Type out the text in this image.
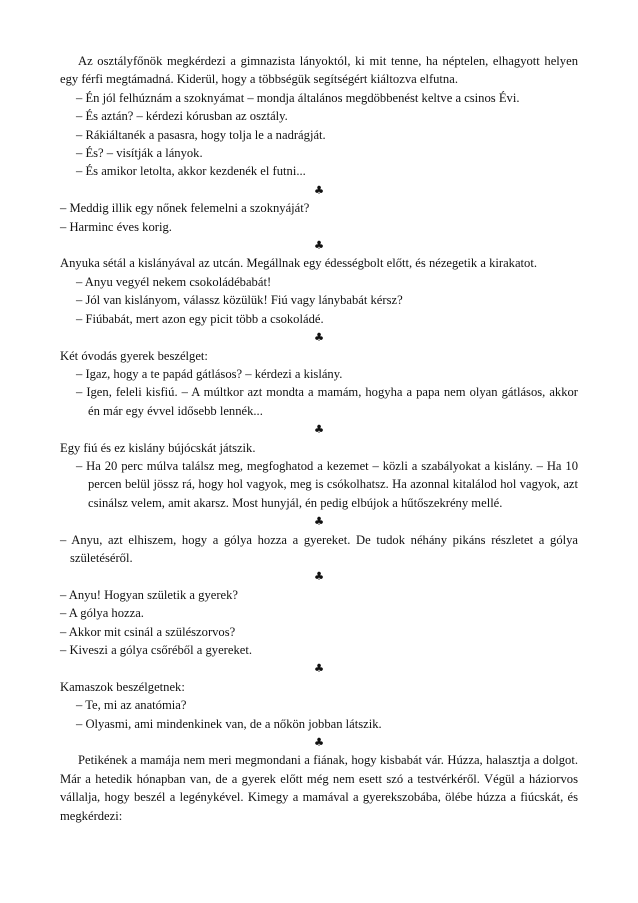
Az osztályfőnök megkérdezi a gimnazista lányoktól, ki mit tenne, ha néptelen, elhagyott helyen egy férfi megtámadná. Kiderül, hogy a többségük segítségért kiáltozva elfutna.

– Én jól felhúznám a szoknyámat – mondja általános megdöbbenést keltve a csinos Évi.

– És aztán? – kérdezi kórusban az osztály.

– Rákiáltanék a pasasra, hogy tolja le a nadrágját.

– És? – visítják a lányok.

– És amikor letolta, akkor kezdenék el futni...

♣

– Meddig illik egy nőnek felemelni a szoknyáját?

– Harminc éves korig.

♣

Anyuka sétál a kislányával az utcán. Megállnak egy édességbolt előtt, és nézegetik a kirakatot.

– Anyu vegyél nekem csokoládébabát!

– Jól van kislányom, válassz közülük! Fiú vagy lánybabát kérsz?

– Fiúbabát, mert azon egy picit több a csokoládé.

♣

Két óvodás gyerek beszélget:

– Igaz, hogy a te papád gátlásos? – kérdezi a kislány.

– Igen, feleli kisfiú. – A múltkor azt mondta a mamám, hogyha a papa nem olyan gátlásos, akkor én már egy évvel idősebb lennék...

♣

Egy fiú és ez kislány bújócskát játszik.

– Ha 20 perc múlva találsz meg, megfoghatod a kezemet – közli a szabályokat a kislány. – Ha 10 percen belül jössz rá, hogy hol vagyok, meg is csókolhatsz. Ha azonnal kitalálod hol vagyok, azt csinálsz velem, amit akarsz. Most hunyjál, én pedig elbújok a hűtőszekrény mellé.

♣

– Anyu, azt elhiszem, hogy a gólya hozza a gyereket. De tudok néhány pikáns részletet a gólya születéséről.

♣

– Anyu! Hogyan születik a gyerek?

– A gólya hozza.

– Akkor mit csinál a szülészorvos?

– Kiveszi a gólya csőréből a gyereket.

♣

Kamaszok beszélgetnek:

– Te, mi az anatómia?

– Olyasmi, ami mindenkinek van, de a nőkön jobban látszik.

♣

Petikének a mamája nem meri megmondani a fiának, hogy kisbabát vár. Húzza, halasztja a dolgot. Már a hetedik hónapban van, de a gyerek előtt még nem esett szó a testvérkéről. Végül a háziorvos vállalja, hogy beszél a legénykével. Kimegy a mamával a gyerekszobába, ölébe húzza a fiúcskát, és megkérdezi:
